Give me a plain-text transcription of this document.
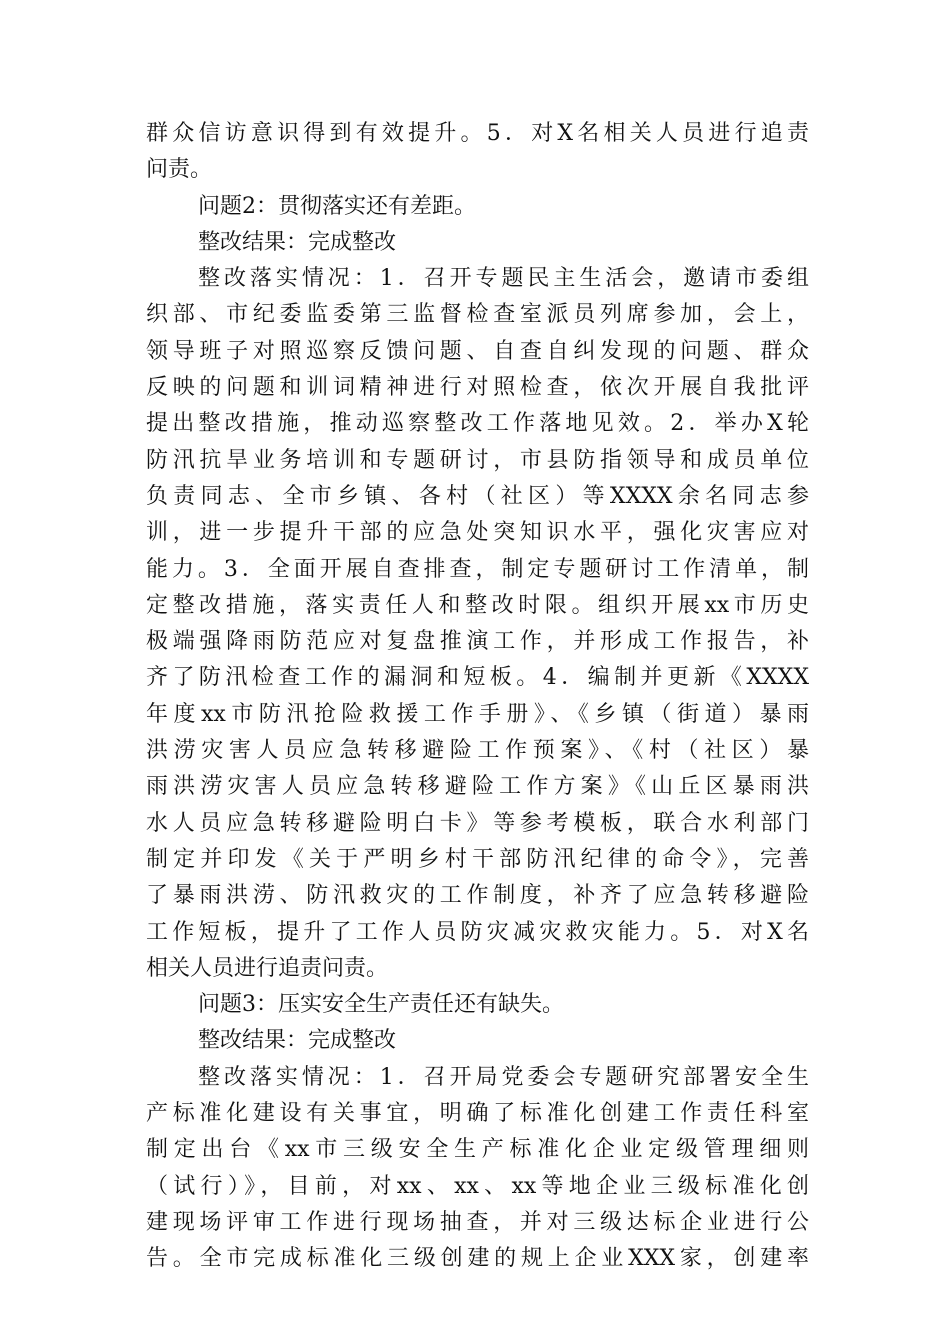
群众信访意识得到有效提升。5．对X名相关人员进行追责
问责。
问题2：贯彻落实还有差距。
整改结果：完成整改
整改落实情况：1．召开专题民主生活会，邀请市委组
织部、市纪委监委第三监督检查室派员列席参加，会上，
领导班子对照巡察反馈问题、自查自纠发现的问题、群众
反映的问题和训词精神进行对照检查，依次开展自我批评
提出整改措施，推动巡察整改工作落地见效。2．举办X轮
防汛抗旱业务培训和专题研讨，市县防指领导和成员单位
负责同志、全市乡镇、各村（社区）等XXXX余名同志参
训，进一步提升干部的应急处突知识水平，强化灾害应对
能力。3．全面开展自查排查，制定专题研讨工作清单，制
定整改措施，落实责任人和整改时限。组织开展xx市历史
极端强降雨防范应对复盘推演工作，并形成工作报告，补
齐了防汛检查工作的漏洞和短板。4．编制并更新《XXXX
年度xx市防汛抢险救援工作手册》、《乡镇（街道）暴雨
洪涝灾害人员应急转移避险工作预案》、《村（社区）暴
雨洪涝灾害人员应急转移避险工作方案》《山丘区暴雨洪
水人员应急转移避险明白卡》等参考模板，联合水利部门
制定并印发《关于严明乡村干部防汛纪律的命令》，完善
了暴雨洪涝、防汛救灾的工作制度，补齐了应急转移避险
工作短板，提升了工作人员防灾减灾救灾能力。5．对X名
相关人员进行追责问责。
问题3：压实安全生产责任还有缺失。
整改结果：完成整改
整改落实情况：1．召开局党委会专题研究部署安全生
产标准化建设有关事宜，明确了标准化创建工作责任科室
制定出台《xx市三级安全生产标准化企业定级管理细则
（试行）》，目前，对xx、xx、xx等地企业三级标准化创
建现场评审工作进行现场抽查，并对三级达标企业进行公
告。全市完成标准化三级创建的规上企业XXX家，创建率
